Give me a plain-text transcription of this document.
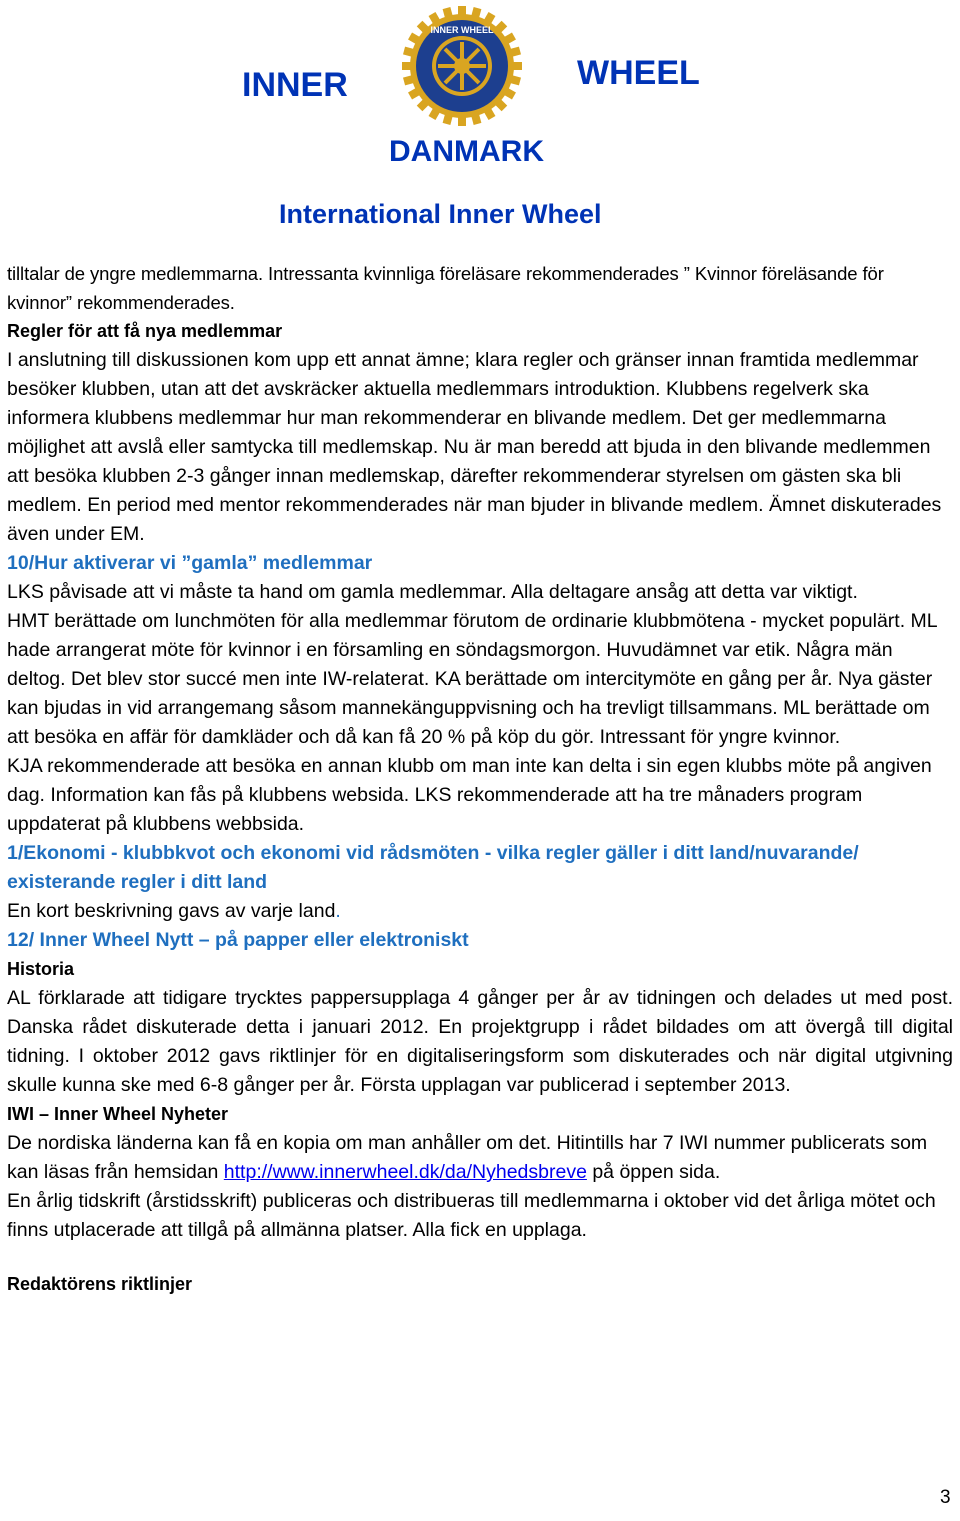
INNER
INNER WHEEL
WHEEL
DANMARK
International Inner Wheel

tilltalar de yngre medlemmarna. Intressanta kvinnliga föreläsare rekommenderades ” Kvinnor föreläsande för kvinnor” rekommenderades.

Regler för att få nya medlemmar

I anslutning till diskussionen kom upp ett annat ämne; klara regler och gränser innan framtida medlemmar besöker klubben, utan att det avskräcker aktuella medlemmars introduktion. Klubbens regelverk ska informera klubbens medlemmar hur man rekommenderar en blivande medlem. Det ger medlemmarna möjlighet att avslå eller samtycka till medlemskap. Nu är man beredd att bjuda in den blivande medlemmen att besöka klubben 2-3 gånger innan medlemskap, därefter rekommenderar styrelsen om gästen ska bli medlem. En period med mentor rekommenderades när man bjuder in blivande medlem. Ämnet diskuterades även under EM.

10/Hur aktiverar vi ”gamla” medlemmar

LKS påvisade att vi måste ta hand om gamla medlemmar. Alla deltagare ansåg att detta var viktigt.

HMT berättade om lunchmöten för alla medlemmar förutom de ordinarie klubbmötena - mycket populärt. ML hade arrangerat möte för kvinnor i en församling en söndagsmorgon. Huvudämnet var etik. Några män deltog. Det blev stor succé men inte IW-relaterat. KA berättade om intercitymöte en gång per år. Nya gäster kan bjudas in vid arrangemang såsom mannekänguppvisning och ha trevligt tillsammans. ML berättade om att besöka en affär för damkläder och då kan få 20 % på köp du gör. Intressant för yngre kvinnor.

KJA rekommenderade att besöka en annan klubb om man inte kan delta i sin egen klubbs möte på angiven dag. Information kan fås på klubbens websida. LKS rekommenderade att ha tre månaders program uppdaterat på klubbens webbsida.

1/Ekonomi - klubbkvot och ekonomi vid rådsmöten - vilka regler gäller i ditt land/nuvarande/ existerande regler i ditt land

En kort beskrivning gavs av varje land.

12/ Inner Wheel Nytt – på papper eller elektroniskt

Historia

AL förklarade att tidigare trycktes pappersupplaga 4 gånger per år av tidningen och delades ut med post. Danska rådet diskuterade detta i januari 2012. En projektgrupp i rådet bildades om att övergå till digital tidning. I oktober 2012 gavs riktlinjer för en digitaliseringsform som diskuterades och när digital utgivning skulle kunna ske med 6-8 gånger per år. Första upplagan var publicerad i september 2013.

IWI – Inner Wheel Nyheter

De nordiska länderna kan få en kopia om man anhåller om det. Hitintills har 7 IWI nummer publicerats som kan läsas från hemsidan http://www.innerwheel.dk/da/Nyhedsbreve på öppen sida.

En årlig tidskrift (årstidsskrift) publiceras och distribueras till medlemmarna i oktober vid det årliga mötet och finns utplacerade att tillgå på allmänna platser. Alla fick en upplaga.

Redaktörens riktlinjer

3
